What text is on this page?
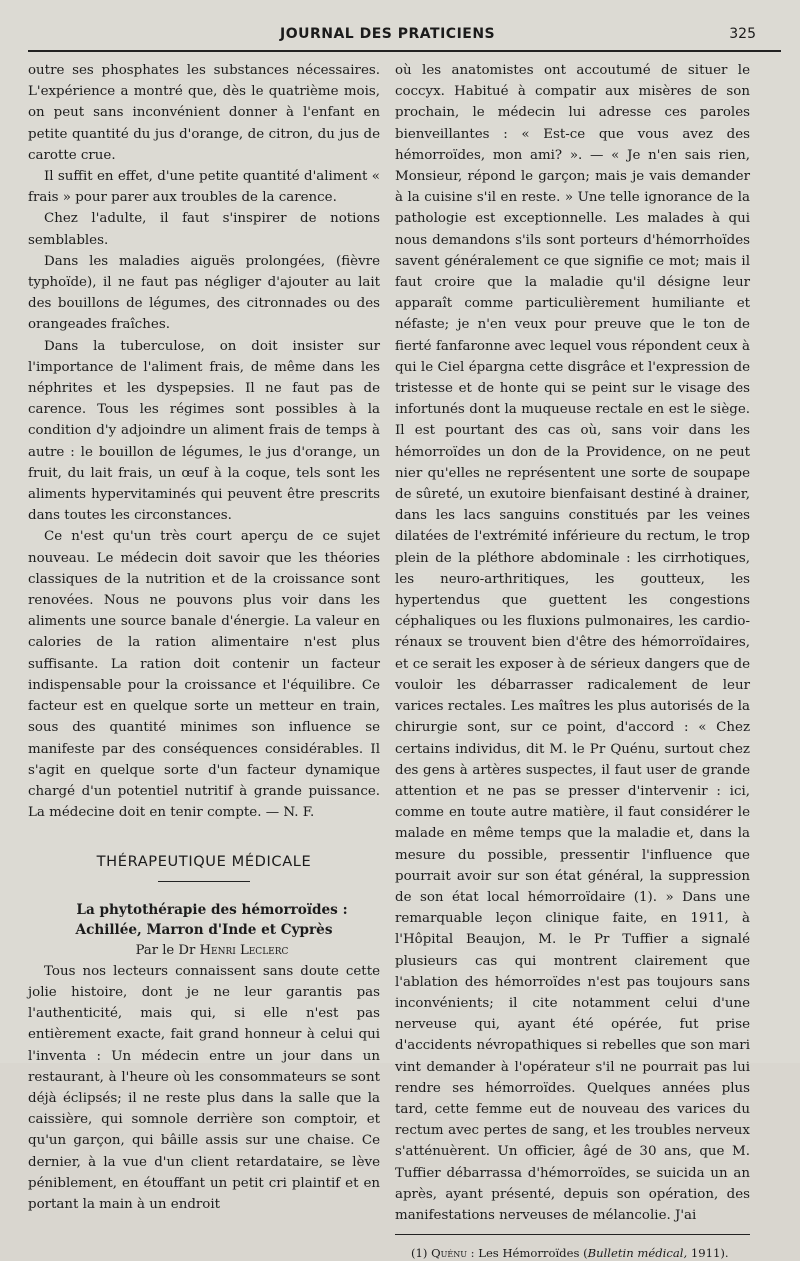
JOURNAL DES PRATICIENS	325

outre ses phosphates les substances nécessaires. L'expérience a montré que, dès le quatrième mois, on peut sans inconvénient donner à l'enfant en petite quantité du jus d'orange, de citron, du jus de carotte crue.

Il suffit en effet, d'une petite quantité d'aliment « frais » pour parer aux troubles de la carence.

Chez l'adulte, il faut s'inspirer de notions semblables.

Dans les maladies aiguës prolongées, (fièvre typhoïde), il ne faut pas négliger d'ajouter au lait des bouillons de légumes, des citronnades ou des orangeades fraîches.

Dans la tuberculose, on doit insister sur l'importance de l'aliment frais, de même dans les néphrites et les dyspepsies. Il ne faut pas de carence. Tous les régimes sont possibles à la condition d'y adjoindre un aliment frais de temps à autre : le bouillon de légumes, le jus d'orange, un fruit, du lait frais, un œuf à la coque, tels sont les aliments hypervitaminés qui peuvent être prescrits dans toutes les circonstances.

Ce n'est qu'un très court aperçu de ce sujet nouveau. Le médecin doit savoir que les théories classiques de la nutrition et de la croissance sont renovées. Nous ne pouvons plus voir dans les aliments une source banale d'énergie. La valeur en calories de la ration alimentaire n'est plus suffisante. La ration doit contenir un facteur indispensable pour la croissance et l'équilibre. Ce facteur est en quelque sorte un metteur en train, sous des quantité minimes son influence se manifeste par des conséquences considérables. Il s'agit en quelque sorte d'un facteur dynamique chargé d'un potentiel nutritif à grande puissance. La médecine doit en tenir compte. — N. F.

THÉRAPEUTIQUE MÉDICALE

La phytothérapie des hémorroïdes : Achillée, Marron d'Inde et Cyprès

Par le Dr Henri Leclerc

Tous nos lecteurs connaissent sans doute cette jolie histoire, dont je ne leur garantis pas l'authenticité, mais qui, si elle n'est pas entièrement exacte, fait grand honneur à celui qui l'inventa : Un médecin entre un jour dans un restaurant, à l'heure où les consommateurs se sont déjà éclipsés; il ne reste plus dans la salle que la caissière, qui somnole derrière son comptoir, et qu'un garçon, qui bâille assis sur une chaise. Ce dernier, à la vue d'un client retardataire, se lève péniblement, en étouffant un petit cri plaintif et en portant la main à un endroit

où les anatomistes ont accoutumé de situer le coccyx. Habitué à compatir aux misères de son prochain, le médecin lui adresse ces paroles bienveillantes : « Est-ce que vous avez des hémorroïdes, mon ami? ». — « Je n'en sais rien, Monsieur, répond le garçon; mais je vais demander à la cuisine s'il en reste. » Une telle ignorance de la pathologie est exceptionnelle. Les malades à qui nous demandons s'ils sont porteurs d'hémorrhoïdes savent généralement ce que signifie ce mot; mais il faut croire que la maladie qu'il désigne leur apparaît comme particulièrement humiliante et néfaste; je n'en veux pour preuve que le ton de fierté fanfaronne avec lequel vous répondent ceux à qui le Ciel épargna cette disgrâce et l'expression de tristesse et de honte qui se peint sur le visage des infortunés dont la muqueuse rectale en est le siège. Il est pourtant des cas où, sans voir dans les hémorroïdes un don de la Providence, on ne peut nier qu'elles ne représentent une sorte de soupape de sûreté, un exutoire bienfaisant destiné à drainer, dans les lacs sanguins constitués par les veines dilatées de l'extrémité inférieure du rectum, le trop plein de la pléthore abdominale : les cirrhotiques, les neuro-arthritiques, les goutteux, les hypertendus que guettent les congestions céphaliques ou les fluxions pulmonaires, les cardio-rénaux se trouvent bien d'être des hémorroïdaires, et ce serait les exposer à de sérieux dangers que de vouloir les débarrasser radicalement de leur varices rectales. Les maîtres les plus autorisés de la chirurgie sont, sur ce point, d'accord : « Chez certains individus, dit M. le Pr Quénu, surtout chez des gens à artères suspectes, il faut user de grande attention et ne pas se presser d'intervenir : ici, comme en toute autre matière, il faut considérer le malade en même temps que la maladie et, dans la mesure du possible, pressentir l'influence que pourrait avoir sur son état général, la suppression de son état local hémorroïdaire (1). » Dans une remarquable leçon clinique faite, en 1911, à l'Hôpital Beaujon, M. le Pr Tuffier a signalé plusieurs cas qui montrent clairement que l'ablation des hémorroïdes n'est pas toujours sans inconvénients; il cite notamment celui d'une nerveuse qui, ayant été opérée, fut prise d'accidents névropathiques si rebelles que son mari vint demander à l'opérateur s'il ne pourrait pas lui rendre ses hémorroïdes. Quelques années plus tard, cette femme eut de nouveau des varices du rectum avec pertes de sang, et les troubles nerveux s'atténuèrent. Un officier, âgé de 30 ans, que M. Tuffier débarrassa d'hémorroïdes, se suicida un an après, ayant présenté, depuis son opération, des manifestations nerveuses de mélancolie. J'ai

(1) Quénu : Les Hémorroïdes (Bulletin médical, 1911).
